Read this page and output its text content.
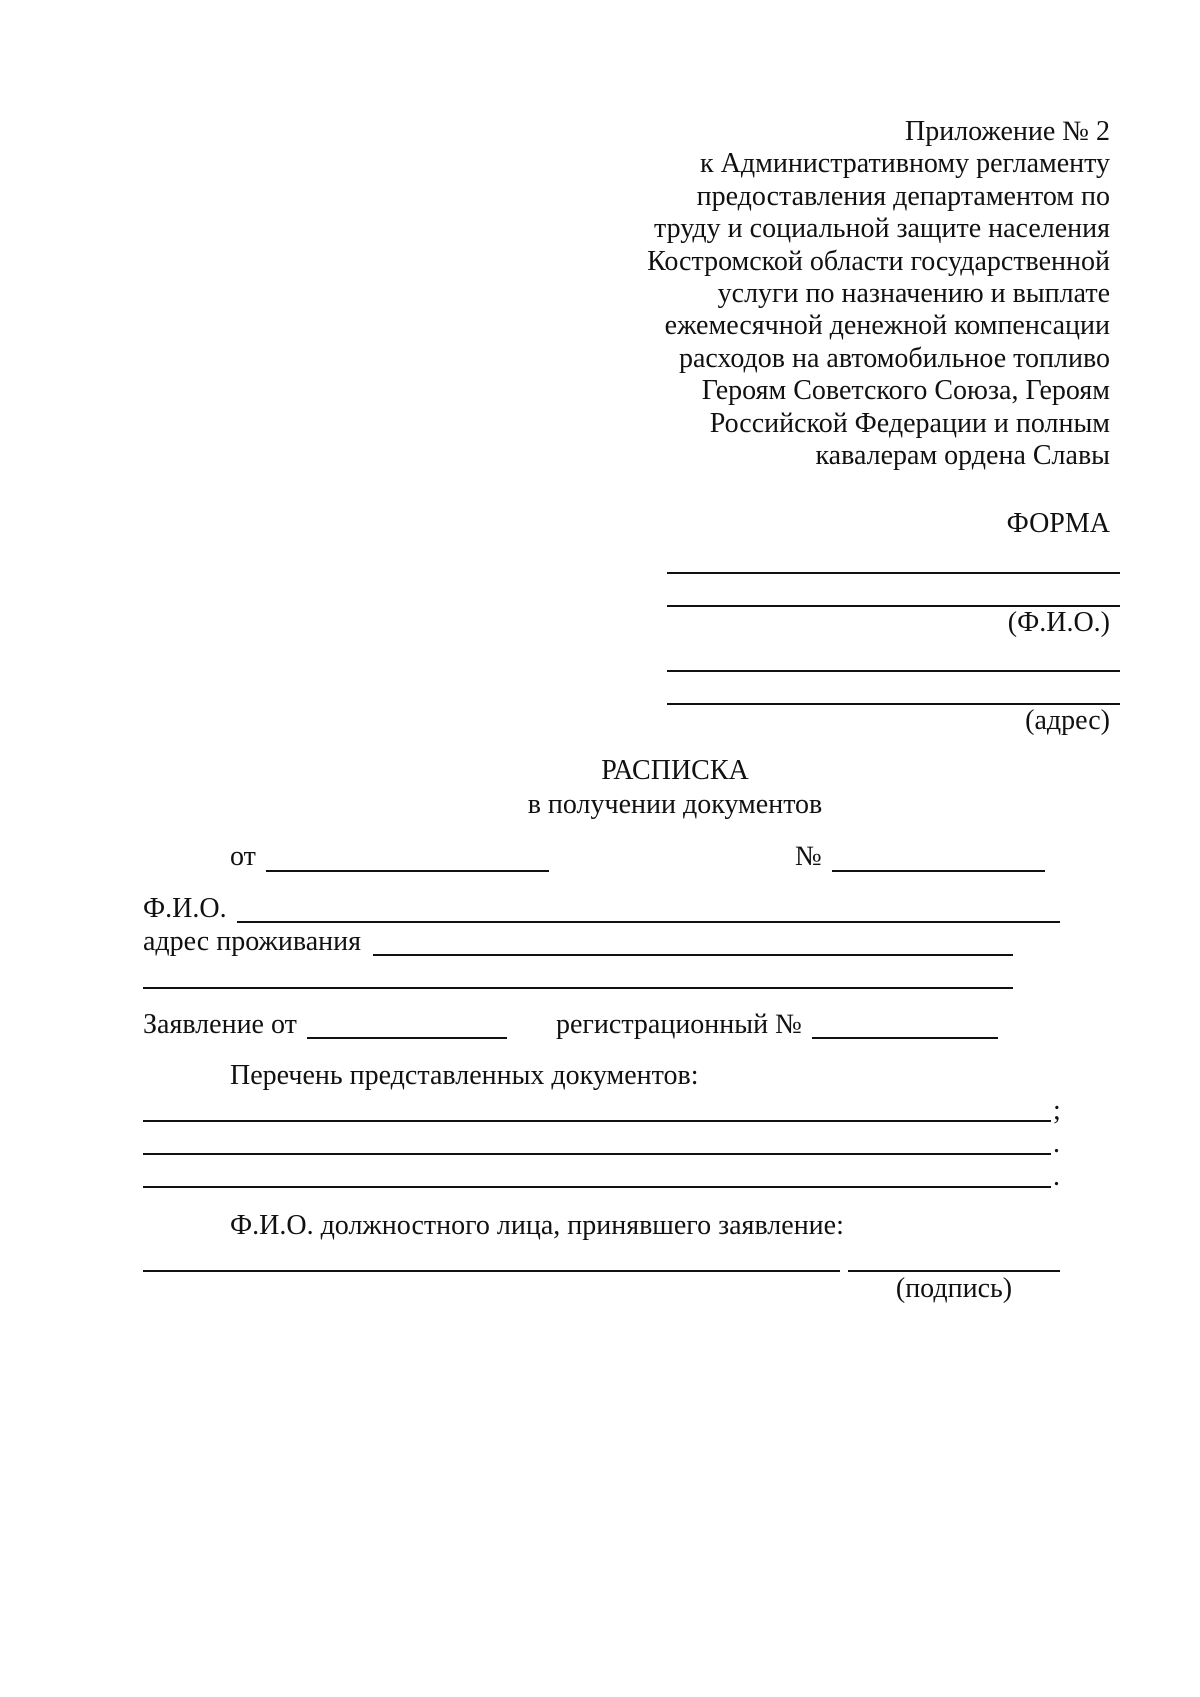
Приложение № 2
к Административному регламенту
предоставления департаментом по
труду и социальной защите населения
Костромской области государственной
услуги по назначению и выплате
ежемесячной денежной компенсации
расходов на автомобильное топливо
Героям Советского Союза, Героям
Российской Федерации и полным
кавалерам ордена Славы
ФОРМА
(Ф.И.О.)
(адрес)
РАСПИСКА
в получении документов
от	№
Ф.И.О.
адрес проживания
Заявление от	регистрационный №
Перечень представленных документов:
;
.
.
Ф.И.О. должностного лица, принявшего заявление:
(подпись)
